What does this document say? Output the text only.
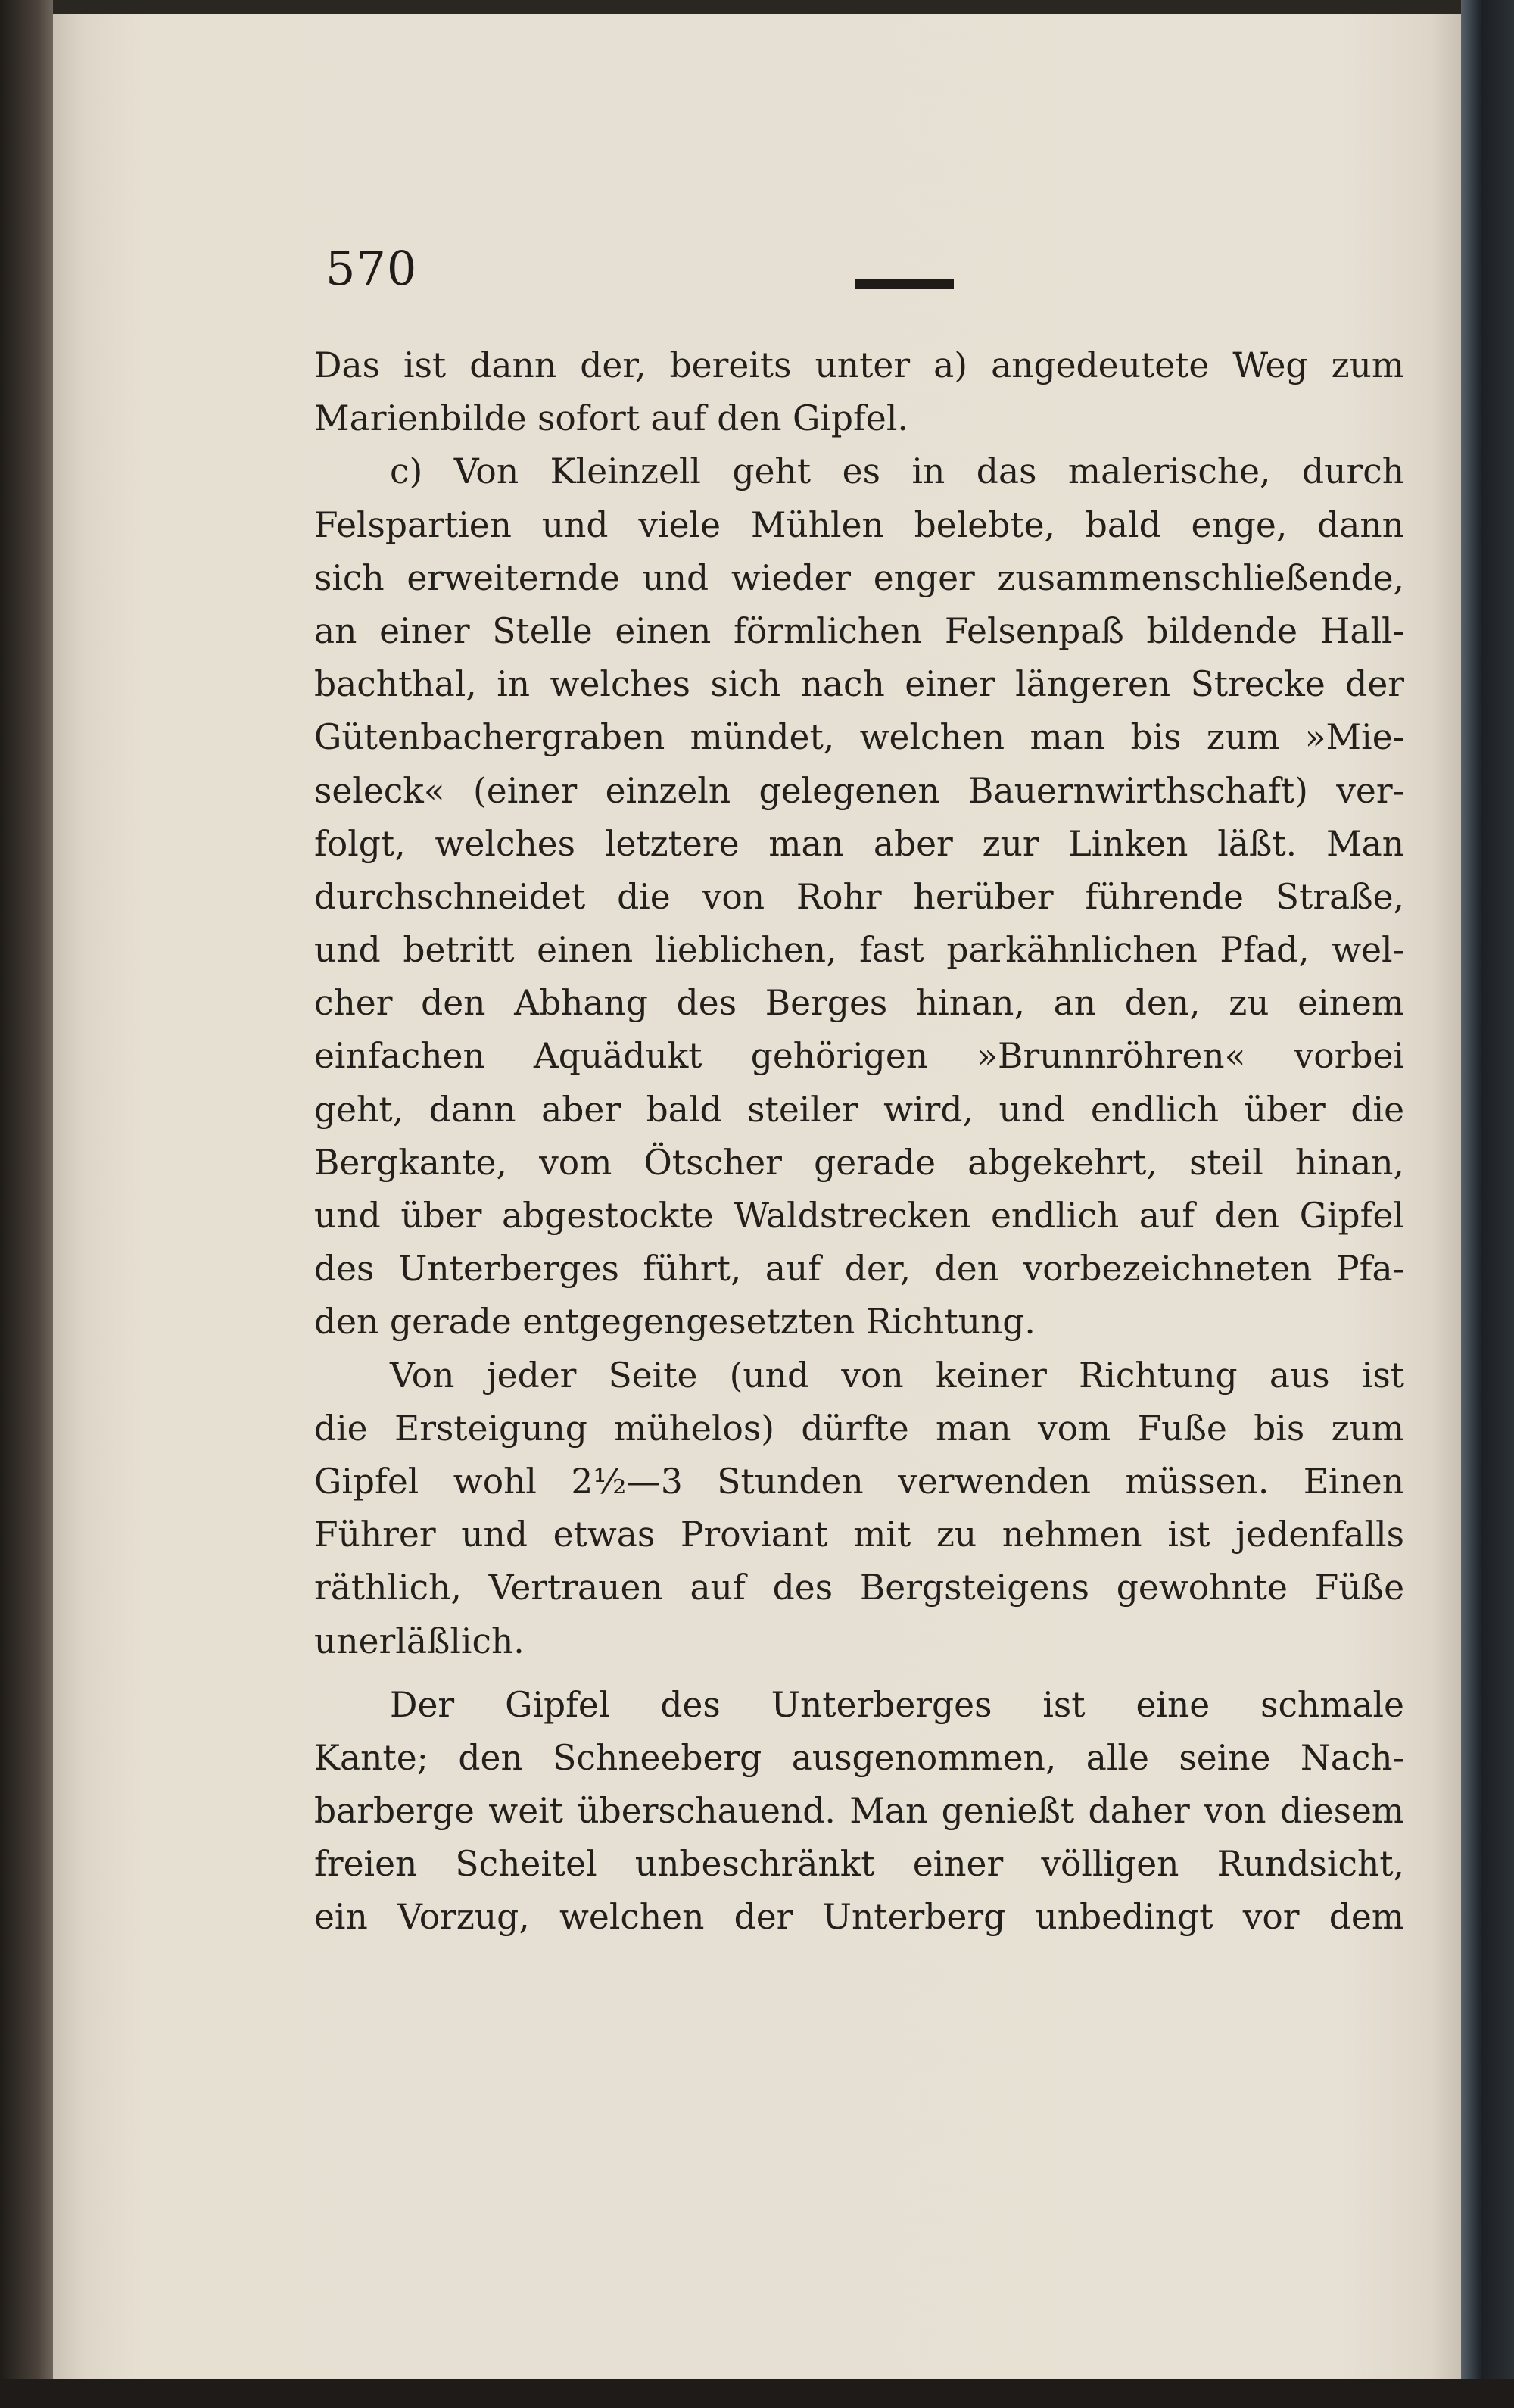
570
Das ist dann der, bereits unter a) angedeutete Weg zum
Marienbilde sofort auf den Gipfel.
c) Von Kleinzell geht es in das malerische, durch
Felspartien und viele Mühlen belebte, bald enge, dann
sich erweiternde und wieder enger zusammenschließende,
an einer Stelle einen förmlichen Felsenpaß bildende Hall-
bachthal, in welches sich nach einer längeren Strecke der
Gütenbachergraben mündet, welchen man bis zum »Mie-
seleck« (einer einzeln gelegenen Bauernwirthschaft) ver-
folgt, welches letztere man aber zur Linken läßt. Man
durchschneidet die von Rohr herüber führende Straße,
und betritt einen lieblichen, fast parkähnlichen Pfad, wel-
cher den Abhang des Berges hinan, an den, zu einem
einfachen Aquädukt gehörigen »Brunnröhren« vorbei
geht, dann aber bald steiler wird, und endlich über die
Bergkante, vom Ötscher gerade abgekehrt, steil hinan,
und über abgestockte Waldstrecken endlich auf den Gipfel
des Unterberges führt, auf der, den vorbezeichneten Pfa-
den gerade entgegengesetzten Richtung.
Von jeder Seite (und von keiner Richtung aus ist
die Ersteigung mühelos) dürfte man vom Fuße bis zum
Gipfel wohl 2½—3 Stunden verwenden müssen. Einen
Führer und etwas Proviant mit zu nehmen ist jedenfalls
räthlich, Vertrauen auf des Bergsteigens gewohnte Füße
unerläßlich.
Der Gipfel des Unterberges ist eine schmale
Kante; den Schneeberg ausgenommen, alle seine Nach-
barberge weit überschauend. Man genießt daher von diesem
freien Scheitel unbeschränkt einer völligen Rundsicht,
ein Vorzug, welchen der Unterberg unbedingt vor dem
